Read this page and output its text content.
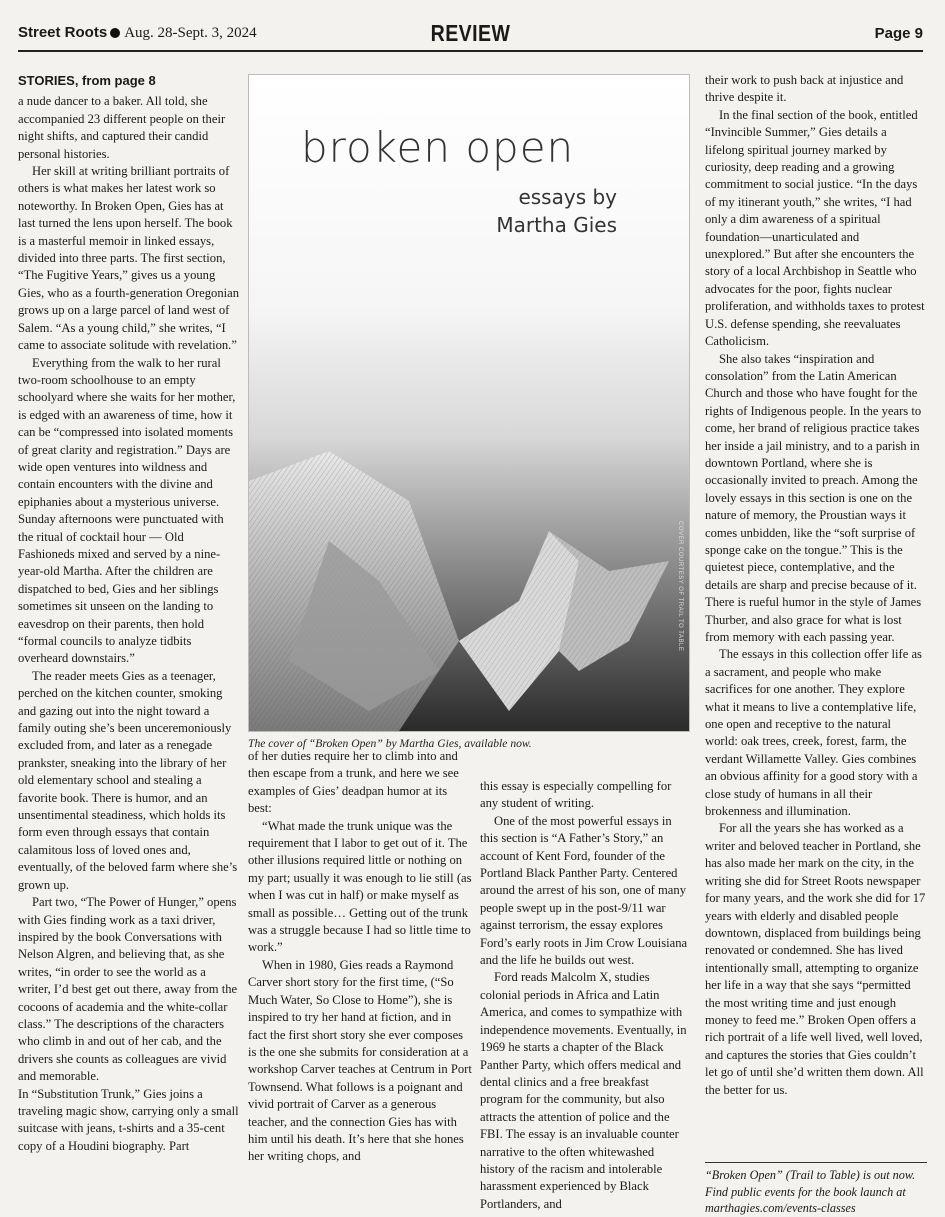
Street Roots Aug. 28-Sept. 3, 2024	REVIEW	Page 9
STORIES, from page 8

a nude dancer to a baker. All told, she accompanied 23 different people on their night shifts, and captured their candid personal histories.

Her skill at writing brilliant portraits of others is what makes her latest work so noteworthy. In Broken Open, Gies has at last turned the lens upon herself. The book is a masterful memoir in linked essays, divided into three parts. The first section, “The Fugitive Years,” gives us a young Gies, who as a fourth-generation Oregonian grows up on a large parcel of land west of Salem. “As a young child,” she writes, “I came to associate solitude with revelation.”

Everything from the walk to her rural two-room schoolhouse to an empty schoolyard where she waits for her mother, is edged with an awareness of time, how it can be “compressed into isolated moments of great clarity and registration.” Days are wide open ventures into wildness and contain encounters with the divine and epiphanies about a mysterious universe. Sunday afternoons were punctuated with the ritual of cocktail hour — Old Fashioneds mixed and served by a nine-year-old Martha. After the children are dispatched to bed, Gies and her siblings sometimes sit unseen on the landing to eavesdrop on their parents, then hold “formal councils to analyze tidbits overheard downstairs.”

The reader meets Gies as a teenager, perched on the kitchen counter, smoking and gazing out into the night toward a family outing she’s been unceremoniously excluded from, and later as a renegade prankster, sneaking into the library of her old elementary school and stealing a favorite book. There is humor, and an unsentimental steadiness, which holds its form even through essays that contain calamitous loss of loved ones and, eventually, of the beloved farm where she’s grown up.

Part two, “The Power of Hunger,” opens with Gies finding work as a taxi driver, inspired by the book Conversations with Nelson Algren, and believing that, as she writes, “in order to see the world as a writer, I’d best get out there, away from the cocoons of academia and the white-collar class.” The descriptions of the characters who climb in and out of her cab, and the drivers she counts as colleagues are vivid and memorable.

In “Substitution Trunk,” Gies joins a traveling magic show, carrying only a small suitcase with jeans, t-shirts and a 35-cent copy of a Houdini biography. Part

broken open
essays by
Martha Gies
COVER COURTESY OF TRAIL TO TABLE
The cover of “Broken Open” by Martha Gies, available now.

of her duties require her to climb into and then escape from a trunk, and here we see examples of Gies’ deadpan humor at its best:

“What made the trunk unique was the requirement that I labor to get out of it. The other illusions required little or nothing on my part; usually it was enough to lie still (as when I was cut in half) or make myself as small as possible… Getting out of the trunk was a struggle because I had so little time to work.”

When in 1980, Gies reads a Raymond Carver short story for the first time, (“So Much Water, So Close to Home”), she is inspired to try her hand at fiction, and in fact the first short story she ever composes is the one she submits for consideration at a workshop Carver teaches at Centrum in Port Townsend. What follows is a poignant and vivid portrait of Carver as a generous teacher, and the connection Gies has with him until his death. It’s here that she hones her writing chops, and

this essay is especially compelling for any student of writing.

One of the most powerful essays in this section is “A Father’s Story,” an account of Kent Ford, founder of the Portland Black Panther Party. Centered around the arrest of his son, one of many people swept up in the post-9/11 war against terrorism, the essay explores Ford’s early roots in Jim Crow Louisiana and the life he builds out west.

Ford reads Malcolm X, studies colonial periods in Africa and Latin America, and comes to sympathize with independence movements. Eventually, in 1969 he starts a chapter of the Black Panther Party, which offers medical and dental clinics and a free breakfast program for the community, but also attracts the attention of police and the FBI. The essay is an invaluable counter narrative to the often whitewashed history of the racism and intolerable harassment experienced by Black Portlanders, and

their work to push back at injustice and thrive despite it.

In the final section of the book, entitled “Invincible Summer,” Gies details a lifelong spiritual journey marked by curiosity, deep reading and a growing commitment to social justice. “In the days of my itinerant youth,” she writes, “I had only a dim awareness of a spiritual foundation—unarticulated and unexplored.” But after she encounters the story of a local Archbishop in Seattle who advocates for the poor, fights nuclear proliferation, and withholds taxes to protest U.S. defense spending, she reevaluates Catholicism.

She also takes “inspiration and consolation” from the Latin American Church and those who have fought for the rights of Indigenous people. In the years to come, her brand of religious practice takes her inside a jail ministry, and to a parish in downtown Portland, where she is occasionally invited to preach. Among the lovely essays in this section is one on the nature of memory, the Proustian ways it comes unbidden, like the “soft surprise of sponge cake on the tongue.” This is the quietest piece, contemplative, and the details are sharp and precise because of it. There is rueful humor in the style of James Thurber, and also grace for what is lost from memory with each passing year.

The essays in this collection offer life as a sacrament, and people who make sacrifices for one another. They explore what it means to live a contemplative life, one open and receptive to the natural world: oak trees, creek, forest, farm, the verdant Willamette Valley. Gies combines an obvious affinity for a good story with a close study of humans in all their brokenness and illumination.

For all the years she has worked as a writer and beloved teacher in Portland, she has also made her mark on the city, in the writing she did for Street Roots newspaper for many years, and the work she did for 17 years with elderly and disabled people downtown, displaced from buildings being renovated or condemned. She has lived intentionally small, attempting to organize her life in a way that she says “permitted the most writing time and just enough money to feed me.” Broken Open offers a rich portrait of a life well lived, well loved, and captures the stories that Gies couldn’t let go of until she’d written them down. All the better for us.

“Broken Open” (Trail to Table) is out now. Find public events for the book launch at marthagies.com/events-classes
